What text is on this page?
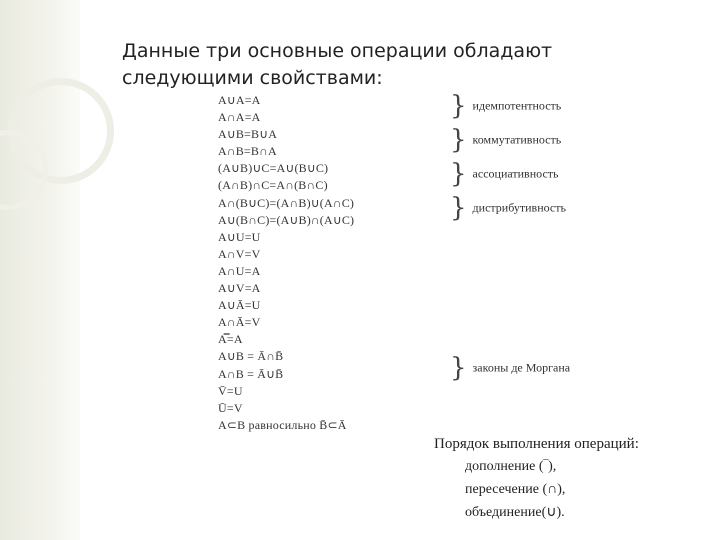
Данные три основные операции обладают
следующими свойствами:
A∪A=A
A∩A=A
A∪B=B∪A
A∩B=B∩A
(A∪B)∪C=A∪(B∪C)
(A∩B)∩C=A∩(B∩C)
A∩(B∪C)=(A∩B)∪(A∩C)
A∪(B∩C)=(A∪B)∩(A∪C)
A∪U=U
A∩V=V
A∩U=A
A∪V=A
A∪Ā=U
A∩Ā=V
A̿=A
A∪B = Ā∩B̄
A∩B = Ā∪B̄
V̄=U
Ū=V
A⊂B равносильно B̄⊂Ā
} идемпотентность
} коммутативность
} ассоциативность
} дистрибутивность
} законы де Моргана
Порядок выполнения операций:
дополнение (‾),
пересечение (∩),
объединение(∪).
